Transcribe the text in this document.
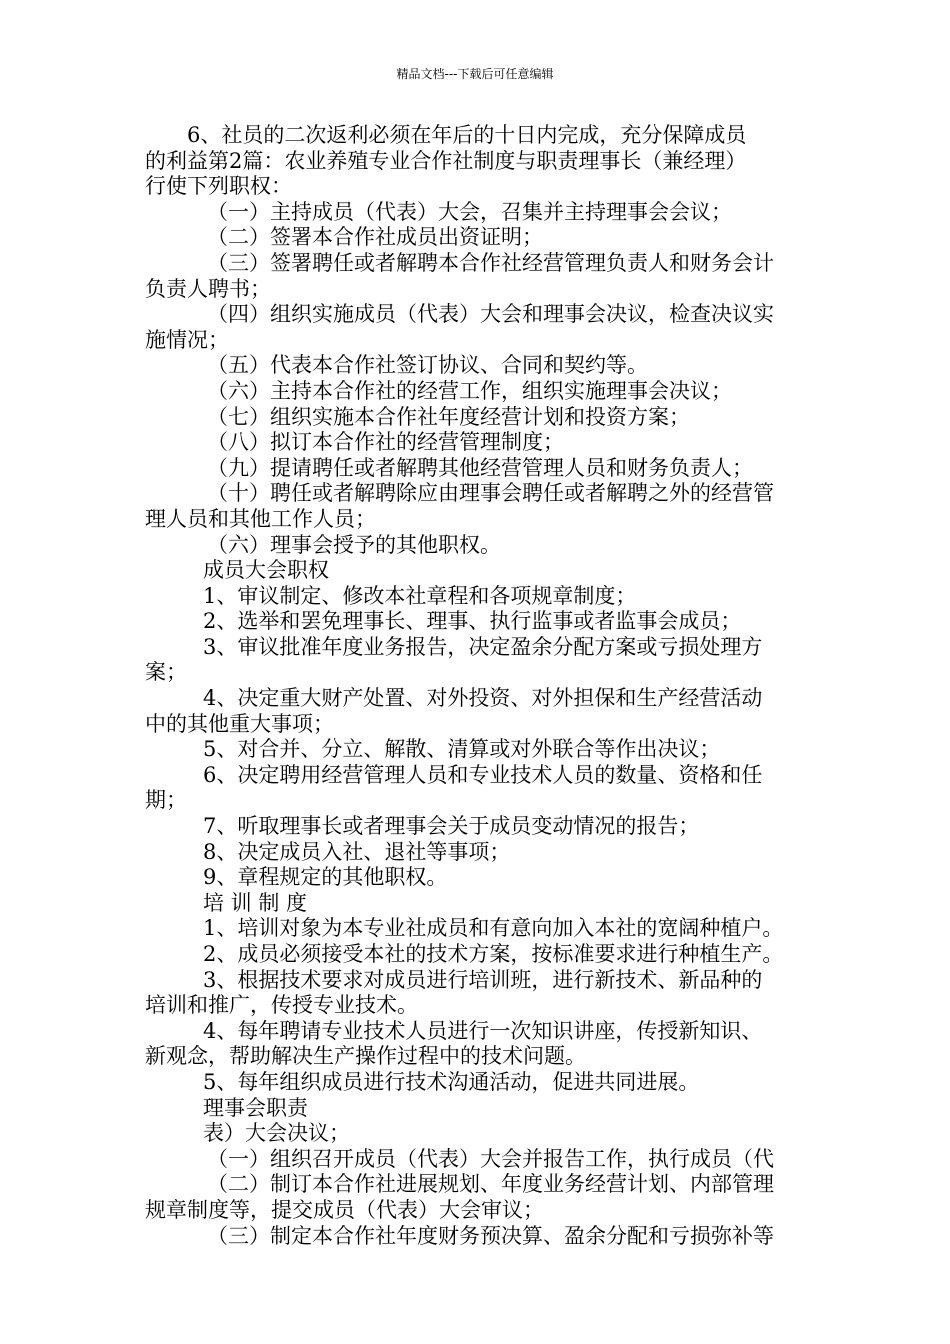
精品文档---下载后可任意编辑
6、社员的二次返利必须在年后的十日内完成，充分保障成员
的利益第2篇：农业养殖专业合作社制度与职责理事长（兼经理）
行使下列职权：
（一）主持成员（代表）大会，召集并主持理事会会议；
（二）签署本合作社成员出资证明；
（三）签署聘任或者解聘本合作社经营管理负责人和财务会计
负责人聘书；
（四）组织实施成员（代表）大会和理事会决议，检查决议实
施情况；
（五）代表本合作社签订协议、合同和契约等。
（六）主持本合作社的经营工作，组织实施理事会决议；
（七）组织实施本合作社年度经营计划和投资方案；
（八）拟订本合作社的经营管理制度；
（九）提请聘任或者解聘其他经营管理人员和财务负责人；
（十）聘任或者解聘除应由理事会聘任或者解聘之外的经营管
理人员和其他工作人员；
（六）理事会授予的其他职权。
成员大会职权
1、审议制定、修改本社章程和各项规章制度；
2、选举和罢免理事长、理事、执行监事或者监事会成员；
3、审议批准年度业务报告，决定盈余分配方案或亏损处理方
案；
4、决定重大财产处置、对外投资、对外担保和生产经营活动
中的其他重大事项；
5、对合并、分立、解散、清算或对外联合等作出决议；
6、决定聘用经营管理人员和专业技术人员的数量、资格和任
期；
7、听取理事长或者理事会关于成员变动情况的报告；
8、决定成员入社、退社等事项；
9、章程规定的其他职权。
培 训 制 度
1、培训对象为本专业社成员和有意向加入本社的宽阔种植户。
2、成员必须接受本社的技术方案，按标准要求进行种植生产。
3、根据技术要求对成员进行培训班，进行新技术、新品种的
培训和推广，传授专业技术。
4、每年聘请专业技术人员进行一次知识讲座，传授新知识、
新观念，帮助解决生产操作过程中的技术问题。
5、每年组织成员进行技术沟通活动，促进共同进展。
理事会职责
表）大会决议；
（一）组织召开成员（代表）大会并报告工作，执行成员（代
（二）制订本合作社进展规划、年度业务经营计划、内部管理
规章制度等，提交成员（代表）大会审议；
（三）制定本合作社年度财务预决算、盈余分配和亏损弥补等
